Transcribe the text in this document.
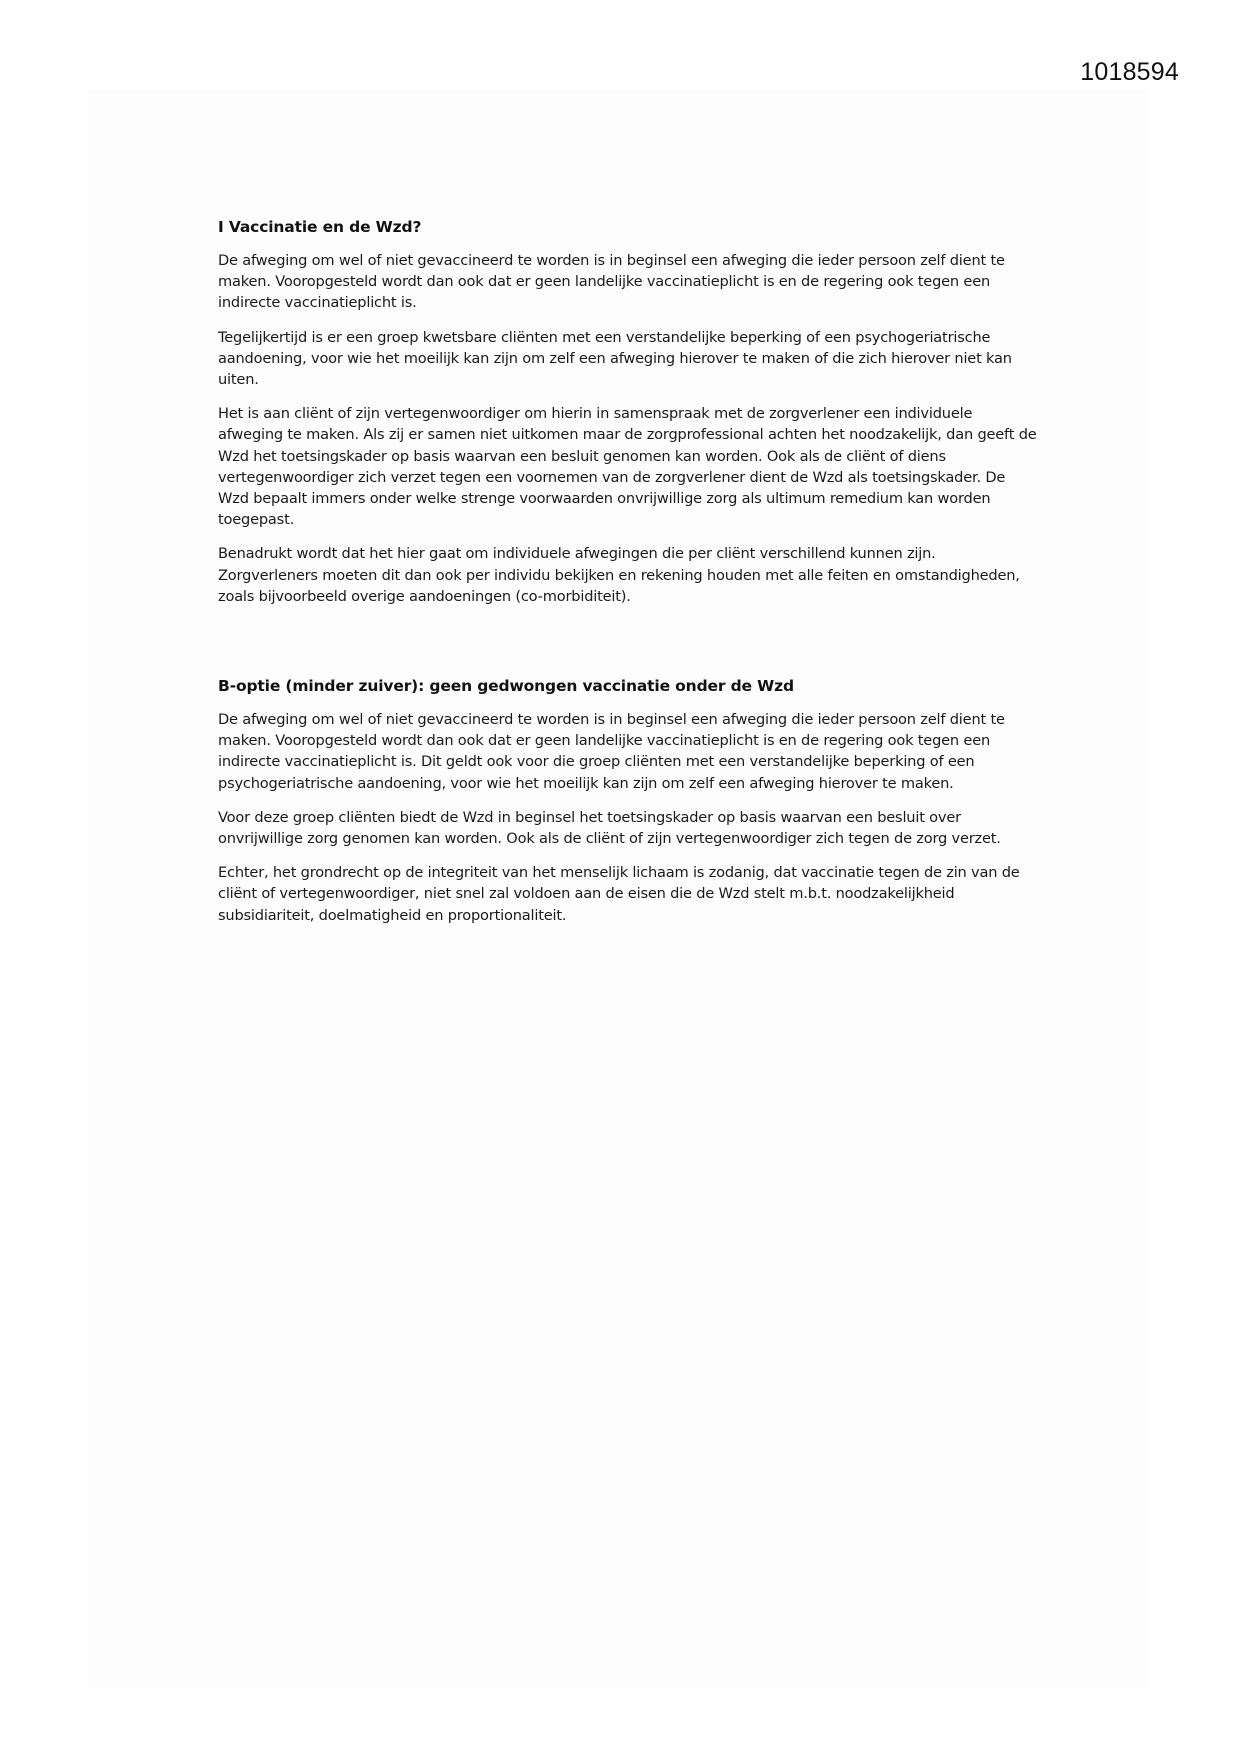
1018594
I Vaccinatie en de Wzd?

De afweging om wel of niet gevaccineerd te worden is in beginsel een afweging die ieder persoon zelf dient te maken. Vooropgesteld wordt dan ook dat er geen landelijke vaccinatieplicht is en de regering ook tegen een indirecte vaccinatieplicht is.

Tegelijkertijd is er een groep kwetsbare cliënten met een verstandelijke beperking of een psychogeriatrische aandoening, voor wie het moeilijk kan zijn om zelf een afweging hierover te maken of die zich hierover niet kan uiten.

Het is aan cliënt of zijn vertegenwoordiger om hierin in samenspraak met de zorgverlener een individuele afweging te maken. Als zij er samen niet uitkomen maar de zorgprofessional achten het noodzakelijk, dan geeft de Wzd het toetsingskader op basis waarvan een besluit genomen kan worden. Ook als de cliënt of diens vertegenwoordiger zich verzet tegen een voornemen van de zorgverlener dient de Wzd als toetsingskader. De Wzd bepaalt immers onder welke strenge voorwaarden onvrijwillige zorg als ultimum remedium kan worden toegepast.

Benadrukt wordt dat het hier gaat om individuele afwegingen die per cliënt verschillend kunnen zijn. Zorgverleners moeten dit dan ook per individu bekijken en rekening houden met alle feiten en omstandigheden, zoals bijvoorbeeld overige aandoeningen (co-morbiditeit).

B-optie (minder zuiver): geen gedwongen vaccinatie onder de Wzd

De afweging om wel of niet gevaccineerd te worden is in beginsel een afweging die ieder persoon zelf dient te maken. Vooropgesteld wordt dan ook dat er geen landelijke vaccinatieplicht is en de regering ook tegen een indirecte vaccinatieplicht is. Dit geldt ook voor die groep cliënten met een verstandelijke beperking of een psychogeriatrische aandoening, voor wie het moeilijk kan zijn om zelf een afweging hierover te maken.

Voor deze groep cliënten biedt de Wzd in beginsel het toetsingskader op basis waarvan een besluit over onvrijwillige zorg genomen kan worden. Ook als de cliënt of zijn vertegenwoordiger zich tegen de zorg verzet.

Echter, het grondrecht op de integriteit van het menselijk lichaam is zodanig, dat vaccinatie tegen de zin van de cliënt of vertegenwoordiger, niet snel zal voldoen aan de eisen die de Wzd stelt m.b.t. noodzakelijkheid subsidiariteit, doelmatigheid en proportionaliteit.
